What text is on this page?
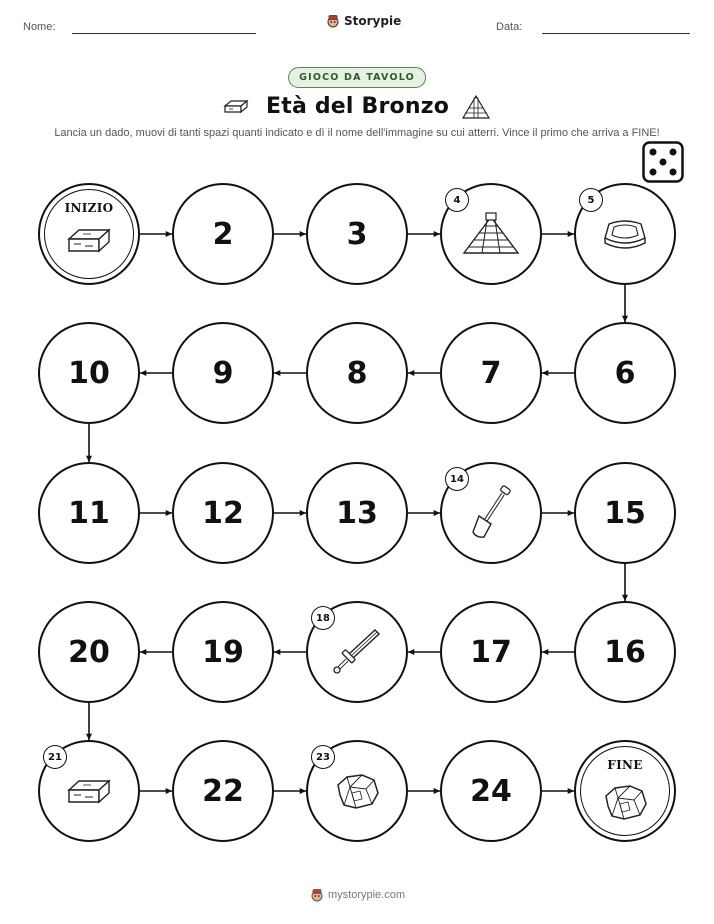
Nome:	Storypie	Data:
GIOCO DA TAVOLO
Età del Bronzo
Lancia un dado, muovi di tanti spazi quanti indicato e dì il nome dell'immagine su cui atterri. Vince il primo che arriva a FINE!
INIZIO
2	3
4	5
6
7
8
9
10
11	12	13
14
15
16
17
18
19
20
21
22
23
24
FINE
mystorypie.com
